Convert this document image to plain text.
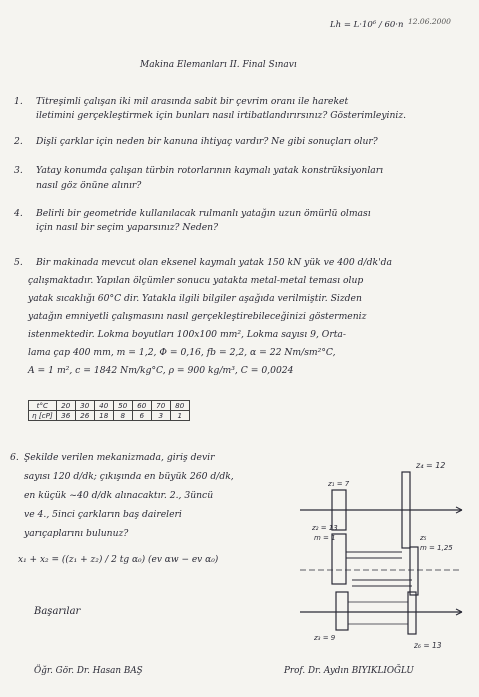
Lh = L·10⁶ / 60·n 12.06.2000
Makina Elemanları II. Final Sınavı
1. Titreşimli çalışan iki mil arasında sabit bir çevrim oranı ile hareket
iletimini gerçekleştirmek için bunları nasıl irtibatlandırırsınız? Gösterimleyiniz.
2. Dişli çarklar için neden bir kanuna ihtiyaç vardır? Ne gibi sonuçları olur?
3. Yatay konumda çalışan türbin rotorlarının kaymalı yatak konstrüksiyonları
nasıl göz önüne alınır?
4. Belirli bir geometride kullanılacak rulmanlı yatağın uzun ömürlü olması
için nasıl bir seçim yaparsınız? Neden?
5. Bir makinada mevcut olan eksenel kaymalı yatak 150 kN yük ve 400 d/dk'da
çalışmaktadır. Yapılan ölçümler sonucu yatakta metal-metal teması olup
yatak sıcaklığı 60°C dir. Yatakla ilgili bilgiler aşağıda verilmiştir. Sizden
yatağın emniyetli çalışmasını nasıl gerçekleştirebileceğinizi göstermeniz
istenmektedir. Lokma boyutları 100x100 mm², Lokma sayısı 9, Orta-
lama çap 400 mm, m = 1,2, Φ = 0,16, fb = 2,2, α = 22 Nm/sm²°C,
A = 1 m², c = 1842 Nm/kg°C, ρ = 900 kg/m³, C = 0,0024
t°C	20	30	40	50	60	70	80
η [cP]	36	26	18	8	6	3	1
6. Şekilde verilen mekanizmada, giriş devir
sayısı 120 d/dk; çıkışında en büyük 260 d/dk,
en küçük ~40 d/dk alınacaktır. 2., 3üncü
ve 4., 5inci çarkların baş daireleri
yarıçaplarını bulunuz?
x₁ + x₂ = ((z₁ + z₂) / 2 tg α₀) (ev αw − ev α₀)
z₄ = 12
z₁ = 7
z₂ = 13
m = 1	z₅
m = 1,25
z₃ = 9
z₆ = 13
Başarılar
Öğr. Gör. Dr. Hasan BAŞ	Prof. Dr. Aydın BIYIKLIOĞLU
